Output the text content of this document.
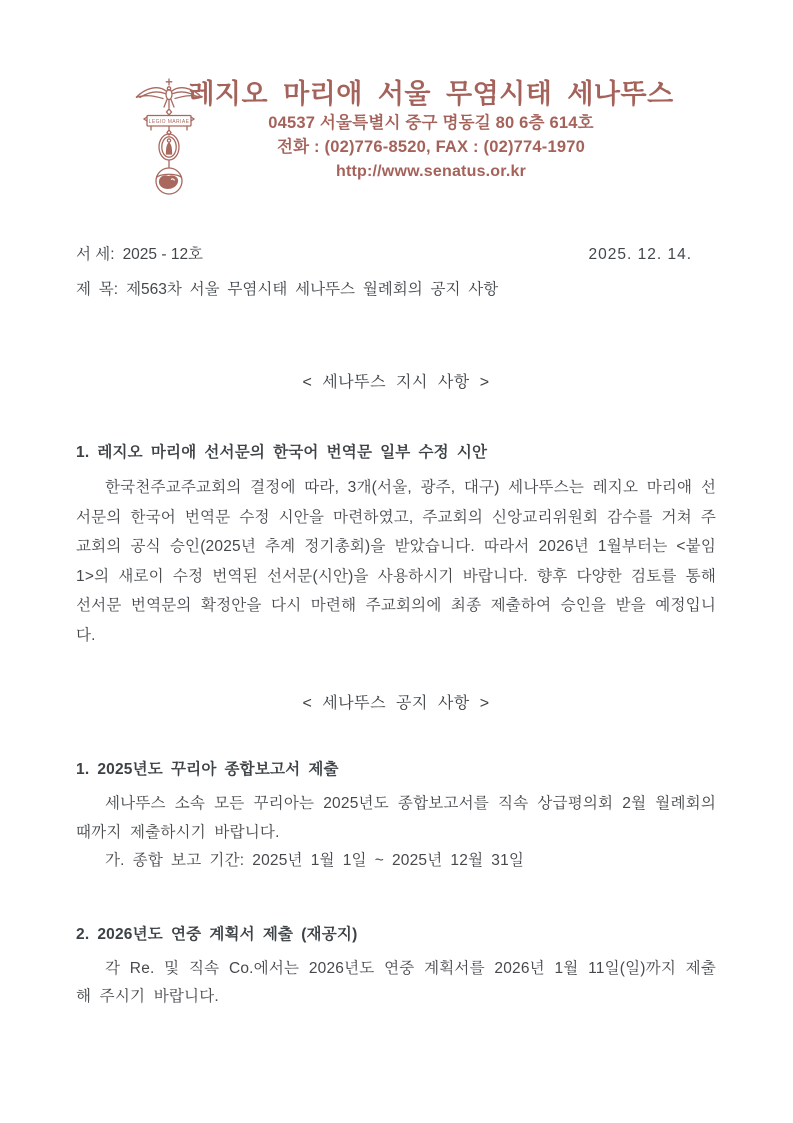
LEGIO MARIAE
레지오 마리애 서울 무염시태 세나뚜스
04537 서울특별시 중구 명동길 80 6층 614호
전화 : (02)776-8520, FAX : (02)774-1970
http://www.senatus.or.kr
서 세: 2025 - 12호	2025. 12. 14.
제 목: 제563차 서울 무염시태 세나뚜스 월례회의 공지 사항
< 세나뚜스 지시 사항 >
1. 레지오 마리애 선서문의 한국어 번역문 일부 수정 시안

한국천주교주교회의 결정에 따라, 3개(서울, 광주, 대구) 세나뚜스는 레지오 마리애 선서문의 한국어 번역문 수정 시안을 마련하였고, 주교회의 신앙교리위원회 감수를 거쳐 주교회의 공식 승인(2025년 추계 정기총회)을 받았습니다. 따라서 2026년 1월부터는 <붙임 1>의 새로이 수정 번역된 선서문(시안)을 사용하시기 바랍니다. 향후 다양한 검토를 통해 선서문 번역문의 확정안을 다시 마련해 주교회의에 최종 제출하여 승인을 받을 예정입니다.

< 세나뚜스 공지 사항 >
1. 2025년도 꾸리아 종합보고서 제출

세나뚜스 소속 모든 꾸리아는 2025년도 종합보고서를 직속 상급평의회 2월 월례회의 때까지 제출하시기 바랍니다.

가. 종합 보고 기간: 2025년 1월 1일 ~ 2025년 12월 31일
2. 2026년도 연중 계획서 제출 (재공지)

각 Re. 및 직속 Co.에서는 2026년도 연중 계획서를 2026년 1월 11일(일)까지 제출해 주시기 바랍니다.
